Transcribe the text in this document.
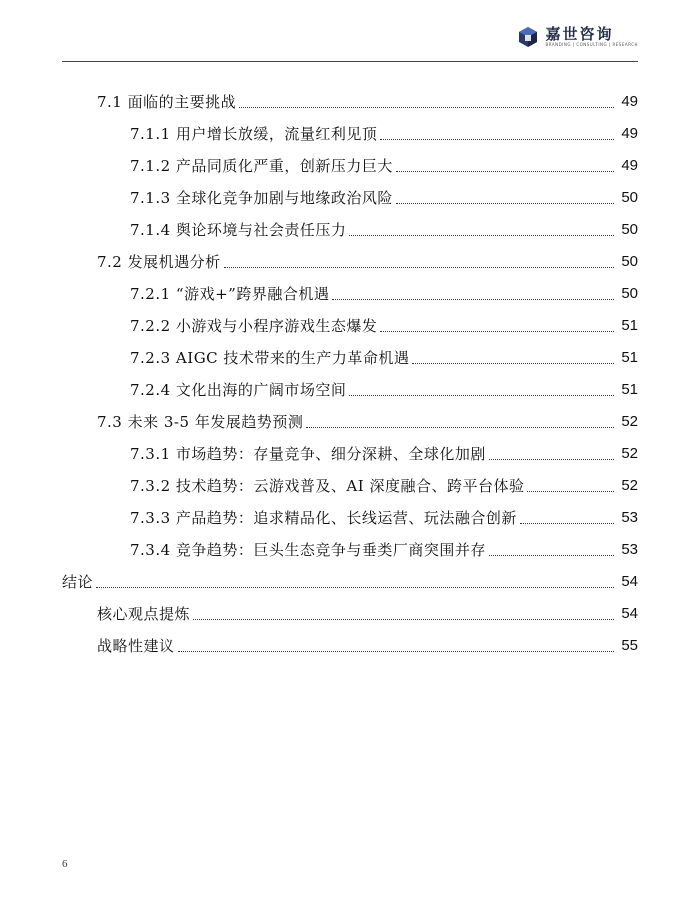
嘉世咨询
BRANDING | CONSULTING | RESEARCH
7.1 面临的主要挑战	49
7.1.1 用户增长放缓，流量红利见顶	49
7.1.2 产品同质化严重，创新压力巨大	49
7.1.3 全球化竞争加剧与地缘政治风险	50
7.1.4 舆论环境与社会责任压力	50
7.2 发展机遇分析	50
7.2.1 “游戏+”跨界融合机遇	50
7.2.2 小游戏与小程序游戏生态爆发	51
7.2.3 AIGC 技术带来的生产力革命机遇	51
7.2.4 文化出海的广阔市场空间	51
7.3 未来 3-5 年发展趋势预测	52
7.3.1 市场趋势：存量竞争、细分深耕、全球化加剧	52
7.3.2 技术趋势：云游戏普及、AI 深度融合、跨平台体验	52
7.3.3 产品趋势：追求精品化、长线运营、玩法融合创新	53
7.3.4 竞争趋势：巨头生态竞争与垂类厂商突围并存	53
结论	54
核心观点提炼	54
战略性建议	55
6
